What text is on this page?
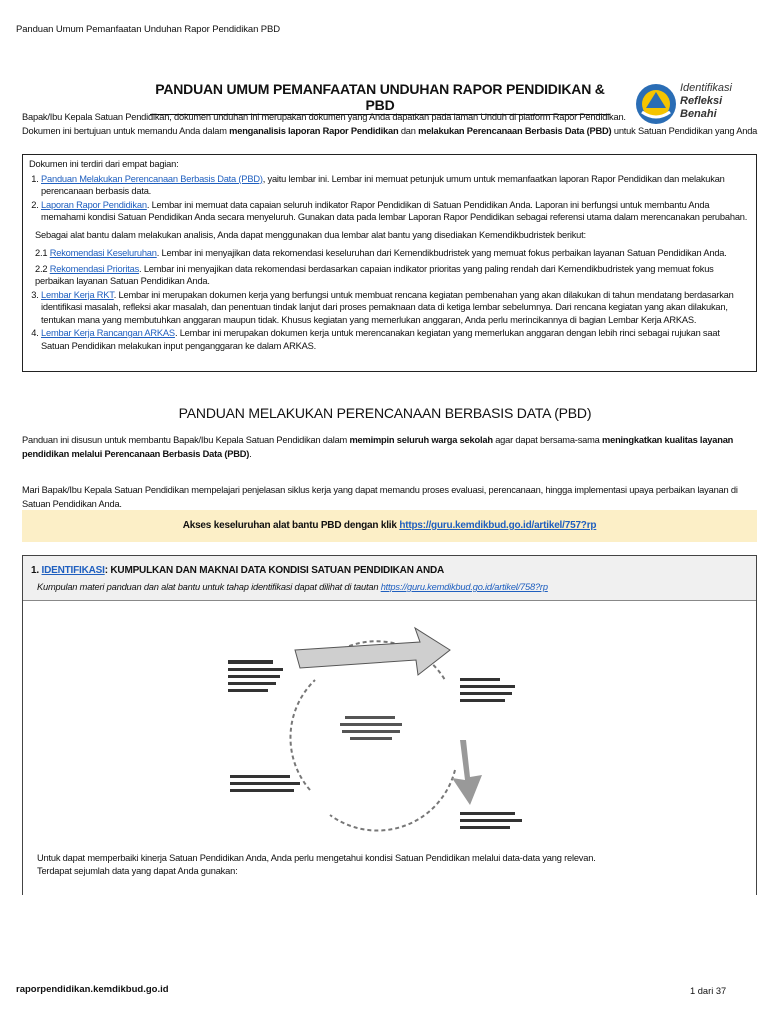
Panduan Umum Pemanfaatan Unduhan Rapor Pendidikan PBD
PANDUAN UMUM PEMANFAATAN UNDUHAN RAPOR PENDIDIKAN & PBD
Identifikasi
Refleksi
Benahi
Bapak/Ibu Kepala Satuan Pendidikan, dokumen unduhan ini merupakan dokumen yang Anda dapatkan pada laman Unduh di platform Rapor Pendidikan.
Dokumen ini bertujuan untuk memandu Anda dalam menganalisis laporan Rapor Pendidikan dan melakukan Perencanaan Berbasis Data (PBD) untuk Satuan Pendidikan yang Anda
Dokumen ini terdiri dari empat bagian:
1. Panduan Melakukan Perencanaan Berbasis Data (PBD), yaitu lembar ini. Lembar ini memuat petunjuk umum untuk memanfaatkan laporan Rapor Pendidikan dan melakukan perencanaan berbasis data.
2. Laporan Rapor Pendidikan. Lembar ini memuat data capaian seluruh indikator Rapor Pendidikan di Satuan Pendidikan Anda. Laporan ini berfungsi untuk membantu Anda memahami kondisi Satuan Pendidikan Anda secara menyeluruh. Gunakan data pada lembar Laporan Rapor Pendidikan sebagai referensi utama dalam merencanakan perubahan.
Sebagai alat bantu dalam melakukan analisis, Anda dapat menggunakan dua lembar alat bantu yang disediakan Kemendikbudristek berikut:
2.1 Rekomendasi Keseluruhan. Lembar ini menyajikan data rekomendasi keseluruhan dari Kemendikbudristek yang memuat fokus perbaikan layanan Satuan Pendidikan Anda.
2.2 Rekomendasi Prioritas. Lembar ini menyajikan data rekomendasi berdasarkan capaian indikator prioritas yang paling rendah dari Kemendikbudristek yang memuat fokus perbaikan layanan Satuan Pendidikan Anda.
3. Lembar Kerja RKT. Lembar ini merupakan dokumen kerja yang berfungsi untuk membuat rencana kegiatan pembenahan yang akan dilakukan di tahun mendatang berdasarkan identifikasi masalah, refleksi akar masalah, dan penentuan tindak lanjut dari proses pemaknaan data di ketiga lembar sebelumnya. Dari rencana kegiatan yang akan dilakukan, tentukan mana yang membutuhkan anggaran maupun tidak. Khusus kegiatan yang memerlukan anggaran, Anda perlu merincikannya di bagian Lembar Kerja ARKAS.
4. Lembar Kerja Rancangan ARKAS. Lembar ini merupakan dokumen kerja untuk merencanakan kegiatan yang memerlukan anggaran dengan lebih rinci sebagai rujukan saat Satuan Pendidikan melakukan input penganggaran ke dalam ARKAS.
PANDUAN MELAKUKAN PERENCANAAN BERBASIS DATA (PBD)
Panduan ini disusun untuk membantu Bapak/Ibu Kepala Satuan Pendidikan dalam memimpin seluruh warga sekolah agar dapat bersama-sama meningkatkan kualitas layanan pendidikan melalui Perencanaan Berbasis Data (PBD).
Mari Bapak/Ibu Kepala Satuan Pendidikan mempelajari penjelasan siklus kerja yang dapat memandu proses evaluasi, perencanaan, hingga implementasi upaya perbaikan layanan di Satuan Pendidikan Anda.
Akses keseluruhan alat bantu PBD dengan klik https://guru.kemdikbud.go.id/artikel/757?rp
1. IDENTIFIKASI: KUMPULKAN DAN MAKNAI DATA KONDISI SATUAN PENDIDIKAN ANDA
Kumpulan materi panduan dan alat bantu untuk tahap identifikasi dapat dilihat di tautan https://guru.kemdikbud.go.id/artikel/758?rp
Untuk dapat memperbaiki kinerja Satuan Pendidikan Anda, Anda perlu mengetahui kondisi Satuan Pendidikan melalui data-data yang relevan.
Terdapat sejumlah data yang dapat Anda gunakan:
rapor​pendidikan.kemdikbud.go.id	1 dari 37
